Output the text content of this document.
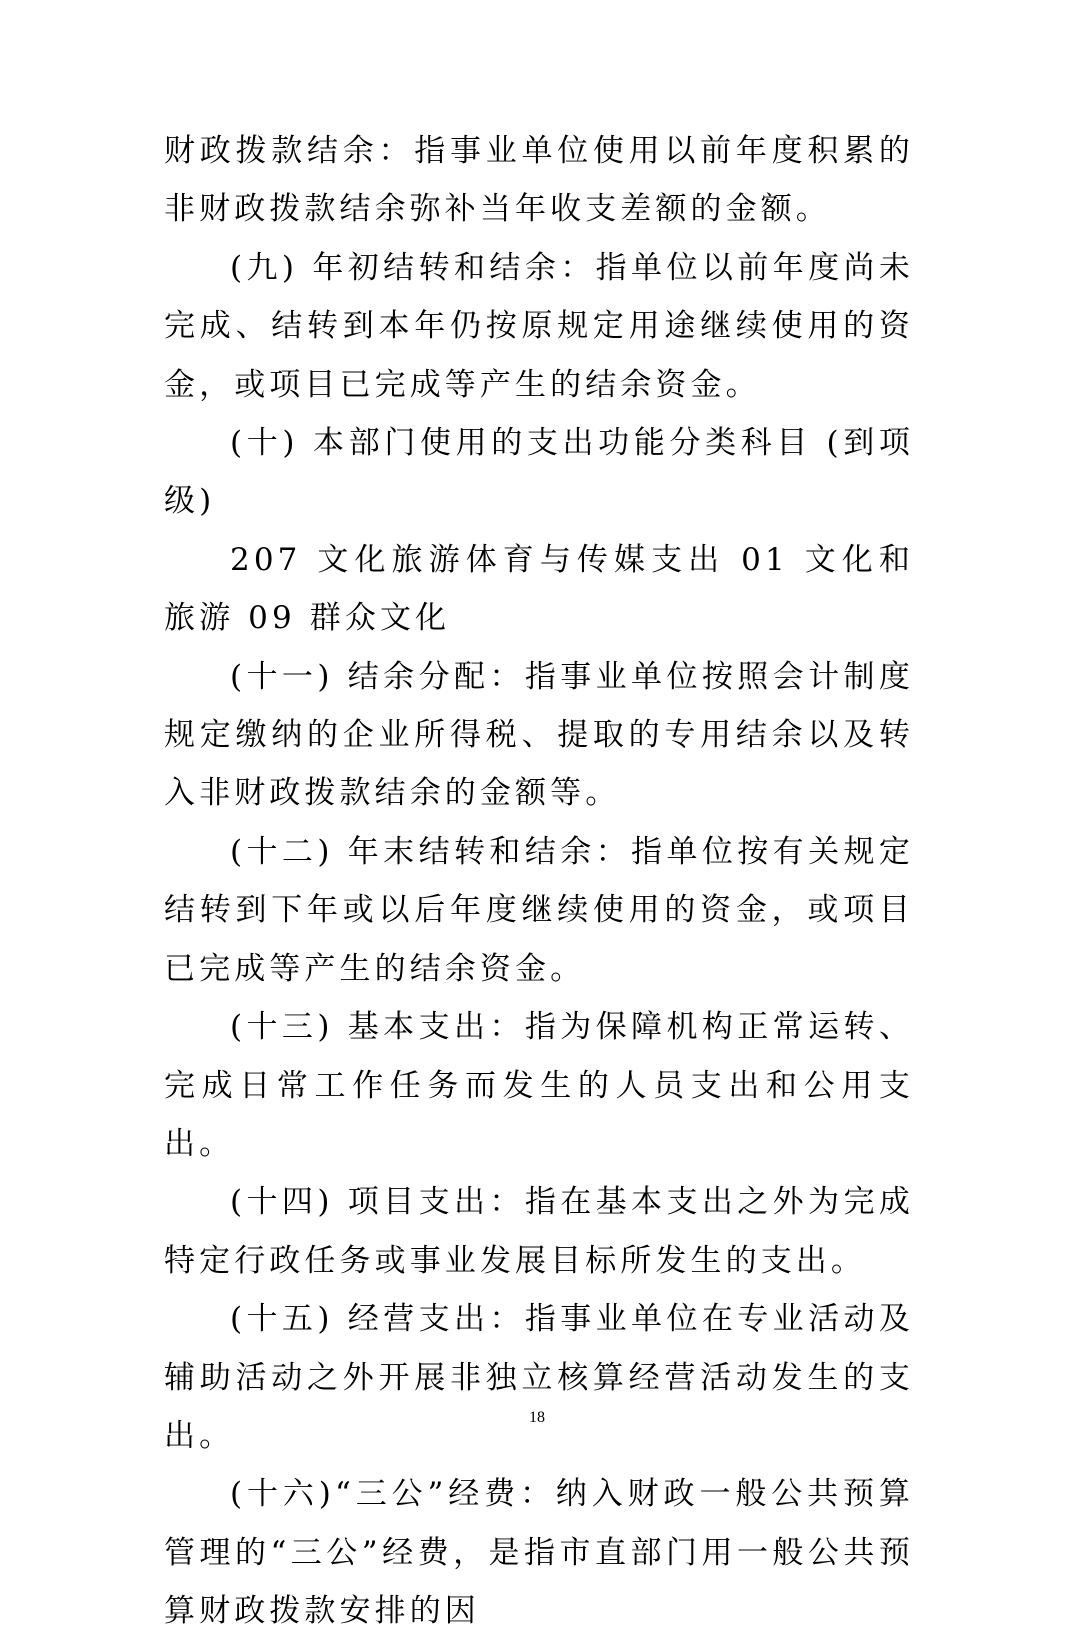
财政拨款结余：指事业单位使用以前年度积累的非财政拨款结余弥补当年收支差额的金额。

(九) 年初结转和结余：指单位以前年度尚未完成、结转到本年仍按原规定用途继续使用的资金，或项目已完成等产生的结余资金。

(十) 本部门使用的支出功能分类科目 (到项级)

207 文化旅游体育与传媒支出 01 文化和旅游 09 群众文化

(十一) 结余分配：指事业单位按照会计制度规定缴纳的企业所得税、提取的专用结余以及转入非财政拨款结余的金额等。

(十二) 年末结转和结余：指单位按有关规定结转到下年或以后年度继续使用的资金，或项目已完成等产生的结余资金。

(十三) 基本支出：指为保障机构正常运转、完成日常工作任务而发生的人员支出和公用支出。

(十四) 项目支出：指在基本支出之外为完成特定行政任务或事业发展目标所发生的支出。

(十五) 经营支出：指事业单位在专业活动及辅助活动之外开展非独立核算经营活动发生的支出。

(十六)“三公”经费：纳入财政一般公共预算管理的“三公”经费，是指市直部门用一般公共预算财政拨款安排的因

18
